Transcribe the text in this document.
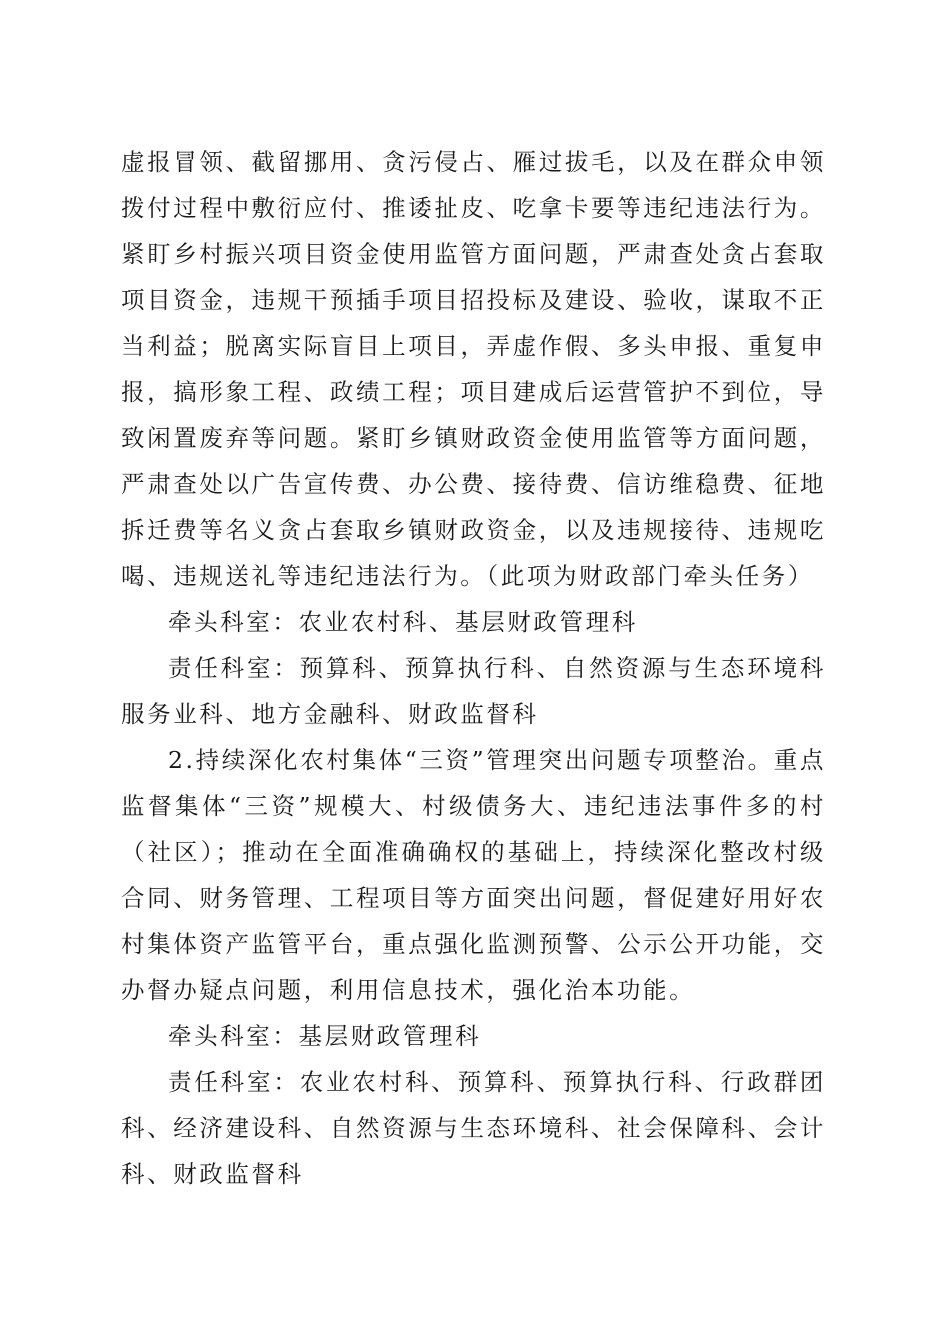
虚报冒领、截留挪用、贪污侵占、雁过拔毛，以及在群众申领拨付过程中敷衍应付、推诿扯皮、吃拿卡要等违纪违法行为。紧盯乡村振兴项目资金使用监管方面问题，严肃查处贪占套取项目资金，违规干预插手项目招投标及建设、验收，谋取不正当利益；脱离实际盲目上项目，弄虚作假、多头申报、重复申报，搞形象工程、政绩工程；项目建成后运营管护不到位，导致闲置废弃等问题。紧盯乡镇财政资金使用监管等方面问题，严肃查处以广告宣传费、办公费、接待费、信访维稳费、征地拆迁费等名义贪占套取乡镇财政资金，以及违规接待、违规吃喝、违规送礼等违纪违法行为。（此项为财政部门牵头任务）

牵头科室：农业农村科、基层财政管理科

责任科室：预算科、预算执行科、自然资源与生态环境科服务业科、地方金融科、财政监督科

2.持续深化农村集体“三资”管理突出问题专项整治。重点监督集体“三资”规模大、村级债务大、违纪违法事件多的村（社区）；推动在全面准确确权的基础上，持续深化整改村级合同、财务管理、工程项目等方面突出问题，督促建好用好农村集体资产监管平台，重点强化监测预警、公示公开功能，交办督办疑点问题，利用信息技术，强化治本功能。

牵头科室：基层财政管理科

责任科室：农业农村科、预算科、预算执行科、行政群团科、经济建设科、自然资源与生态环境科、社会保障科、会计科、财政监督科
